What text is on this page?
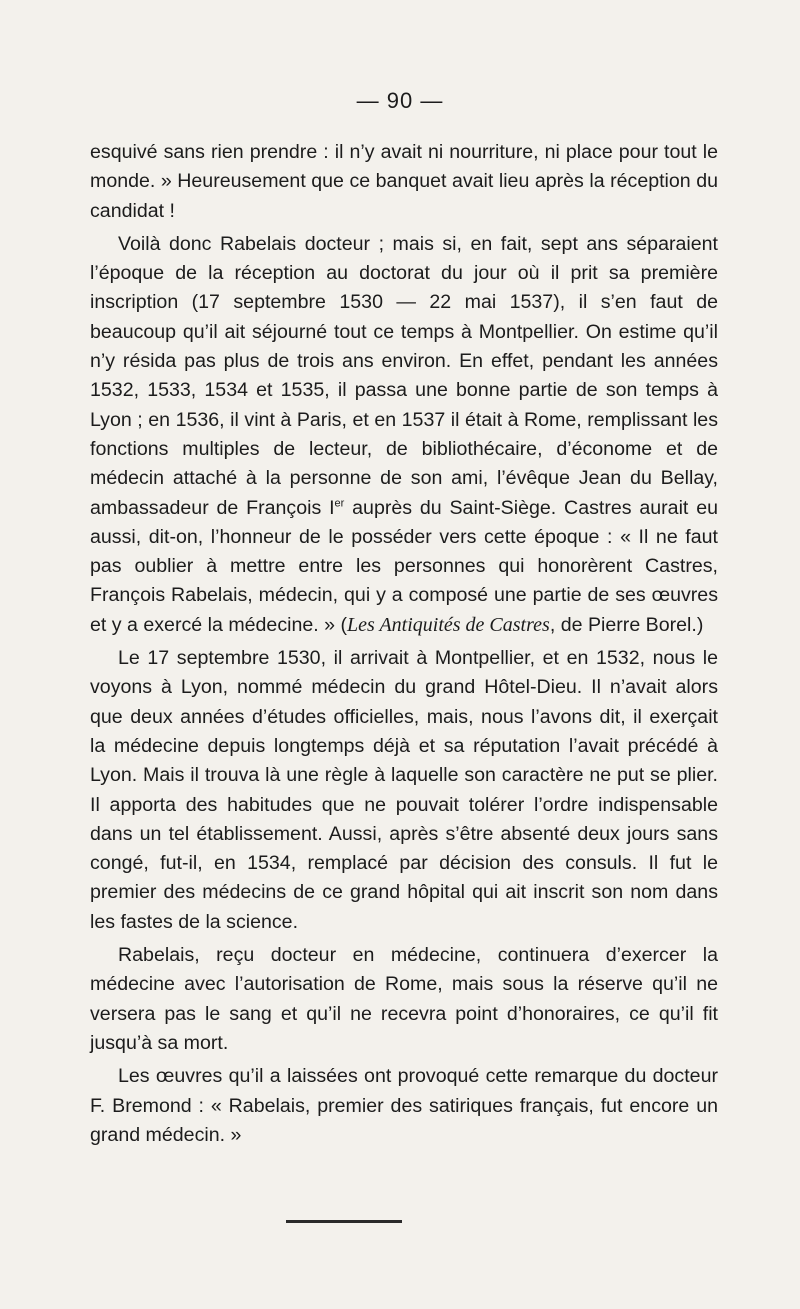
— 90 —

esquivé sans rien prendre : il n’y avait ni nourriture, ni place pour tout le monde. » Heureusement que ce banquet avait lieu après la réception du candidat !

Voilà donc Rabelais docteur ; mais si, en fait, sept ans séparaient l’époque de la réception au doctorat du jour où il prit sa première inscription (17 septembre 1530 — 22 mai 1537), il s’en faut de beaucoup qu’il ait séjourné tout ce temps à Montpellier. On estime qu’il n’y résida pas plus de trois ans environ. En effet, pendant les années 1532, 1533, 1534 et 1535, il passa une bonne partie de son temps à Lyon ; en 1536, il vint à Paris, et en 1537 il était à Rome, remplissant les fonctions multiples de lecteur, de bibliothécaire, d’économe et de médecin attaché à la personne de son ami, l’évêque Jean du Bellay, ambassadeur de François Ier auprès du Saint-Siège. Castres aurait eu aussi, dit-on, l’honneur de le posséder vers cette époque : « Il ne faut pas oublier à mettre entre les personnes qui honorèrent Castres, François Rabelais, médecin, qui y a composé une partie de ses œuvres et y a exercé la médecine. » (Les Antiquités de Castres, de Pierre Borel.)

Le 17 septembre 1530, il arrivait à Montpellier, et en 1532, nous le voyons à Lyon, nommé médecin du grand Hôtel-Dieu. Il n’avait alors que deux années d’études officielles, mais, nous l’avons dit, il exerçait la médecine depuis longtemps déjà et sa réputation l’avait précédé à Lyon. Mais il trouva là une règle à laquelle son caractère ne put se plier. Il apporta des habitudes que ne pouvait tolérer l’ordre indispensable dans un tel établissement. Aussi, après s’être absenté deux jours sans congé, fut-il, en 1534, remplacé par décision des consuls. Il fut le premier des médecins de ce grand hôpital qui ait inscrit son nom dans les fastes de la science.

Rabelais, reçu docteur en médecine, continuera d’exercer la médecine avec l’autorisation de Rome, mais sous la réserve qu’il ne versera pas le sang et qu’il ne recevra point d’honoraires, ce qu’il fit jusqu’à sa mort.

Les œuvres qu’il a laissées ont provoqué cette remarque du docteur F. Bremond : « Rabelais, premier des satiriques français, fut encore un grand médecin. »
